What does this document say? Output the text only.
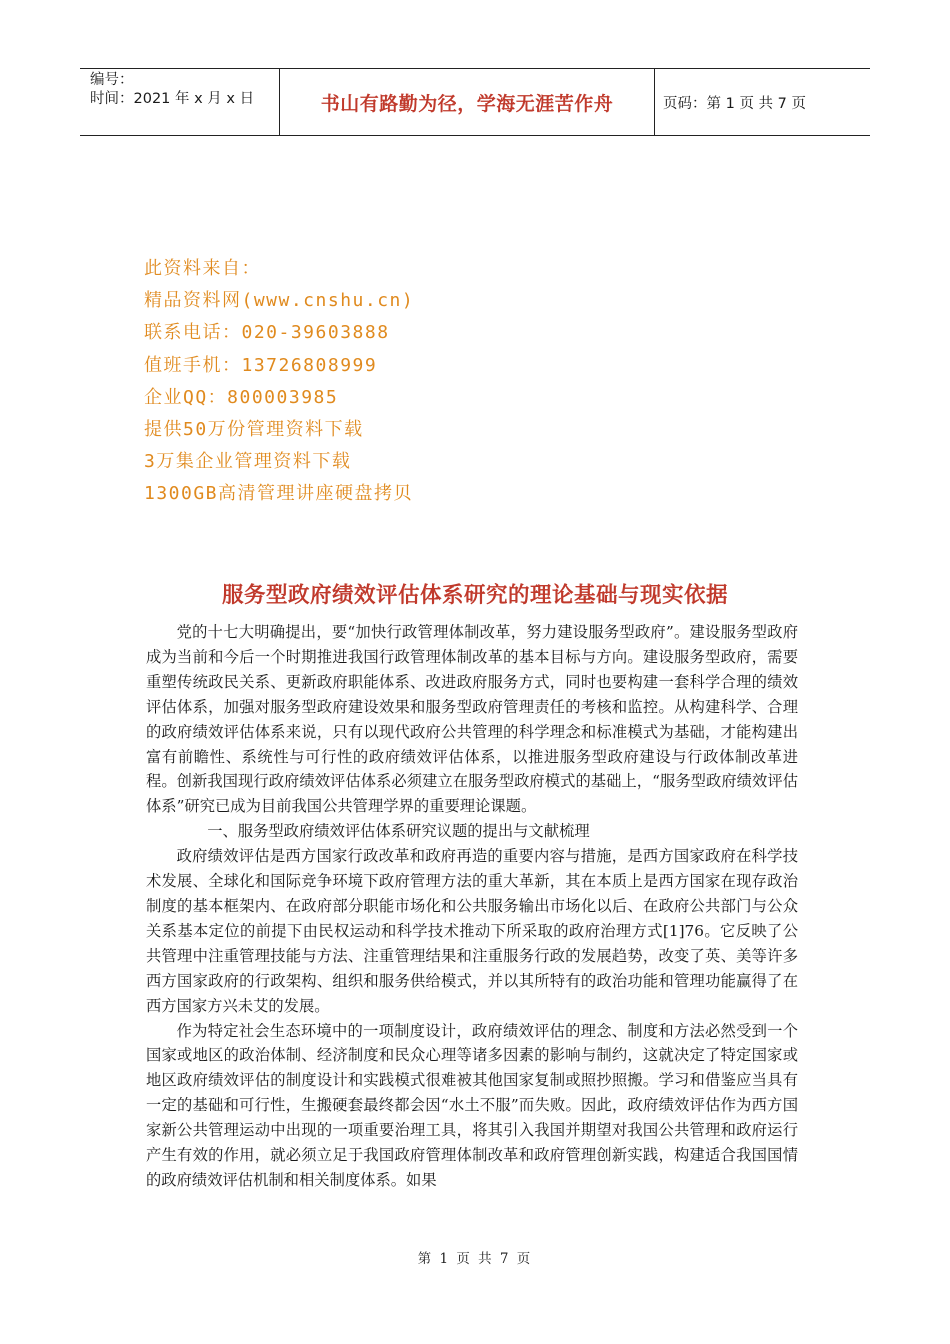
编号：
时间：2021 年 x 月 x 日	书山有路勤为径，学海无涯苦作舟	页码：第 1 页 共 7 页
此资料来自：
精品资料网(www.cnshu.cn)
联系电话：020-39603888
值班手机：13726808999
企业QQ：800003985
提供50万份管理资料下载
3万集企业管理资料下载
1300GB高清管理讲座硬盘拷贝
服务型政府绩效评估体系研究的理论基础与现实依据

党的十七大明确提出，要“加快行政管理体制改革，努力建设服务型政府”。建设服务型政府成为当前和今后一个时期推进我国行政管理体制改革的基本目标与方向。建设服务型政府，需要重塑传统政民关系、更新政府职能体系、改进政府服务方式，同时也要构建一套科学合理的绩效评估体系，加强对服务型政府建设效果和服务型政府管理责任的考核和监控。从构建科学、合理的政府绩效评估体系来说，只有以现代政府公共管理的科学理念和标准模式为基础，才能构建出富有前瞻性、系统性与可行性的政府绩效评估体系，以推进服务型政府建设与行政体制改革进程。创新我国现行政府绩效评估体系必须建立在服务型政府模式的基础上，“服务型政府绩效评估体系”研究已成为目前我国公共管理学界的重要理论课题。

一、服务型政府绩效评估体系研究议题的提出与文献梳理

政府绩效评估是西方国家行政改革和政府再造的重要内容与措施，是西方国家政府在科学技术发展、全球化和国际竞争环境下政府管理方法的重大革新，其在本质上是西方国家在现存政治制度的基本框架内、在政府部分职能市场化和公共服务输出市场化以后、在政府公共部门与公众关系基本定位的前提下由民权运动和科学技术推动下所采取的政府治理方式[1]76。它反映了公共管理中注重管理技能与方法、注重管理结果和注重服务行政的发展趋势，改变了英、美等许多西方国家政府的行政架构、组织和服务供给模式，并以其所特有的政治功能和管理功能赢得了在西方国家方兴未艾的发展。

作为特定社会生态环境中的一项制度设计，政府绩效评估的理念、制度和方法必然受到一个国家或地区的政治体制、经济制度和民众心理等诸多因素的影响与制约，这就决定了特定国家或地区政府绩效评估的制度设计和实践模式很难被其他国家复制或照抄照搬。学习和借鉴应当具有一定的基础和可行性，生搬硬套最终都会因“水土不服”而失败。因此，政府绩效评估作为西方国家新公共管理运动中出现的一项重要治理工具，将其引入我国并期望对我国公共管理和政府运行产生有效的作用，就必须立足于我国政府管理体制改革和政府管理创新实践，构建适合我国国情的政府绩效评估机制和相关制度体系。如果

第 1 页 共 7 页
